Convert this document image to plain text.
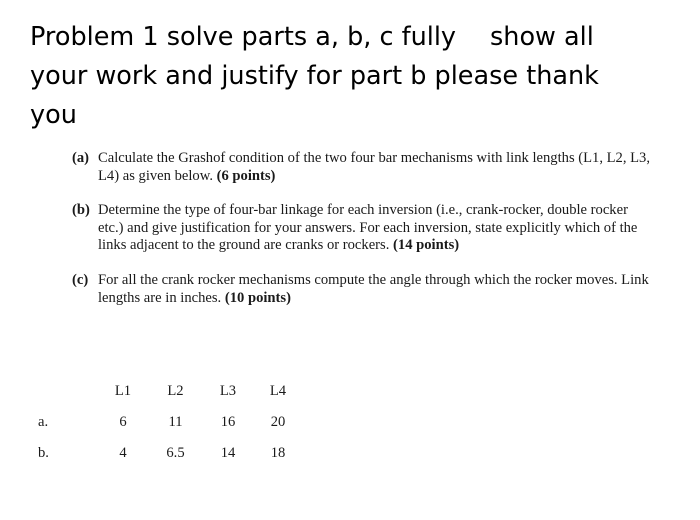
Problem 1 solve parts a, b, c fully show all
your work and justify for part b please thank
you
(a) Calculate the Grashof condition of the two four bar mechanisms with link lengths (L1, L2, L3, L4) as given below. (6 points)
(b) Determine the type of four-bar linkage for each inversion (i.e., crank-rocker, double rocker etc.) and give justification for your answers. For each inversion, state explicitly which of the links adjacent to the ground are cranks or rockers. (14 points)
(c) For all the crank rocker mechanisms compute the angle through which the rocker moves. Link lengths are in inches. (10 points)
	L1	L2	L3	L4
a.	6	11	16	20
b.	4	6.5	14	18
